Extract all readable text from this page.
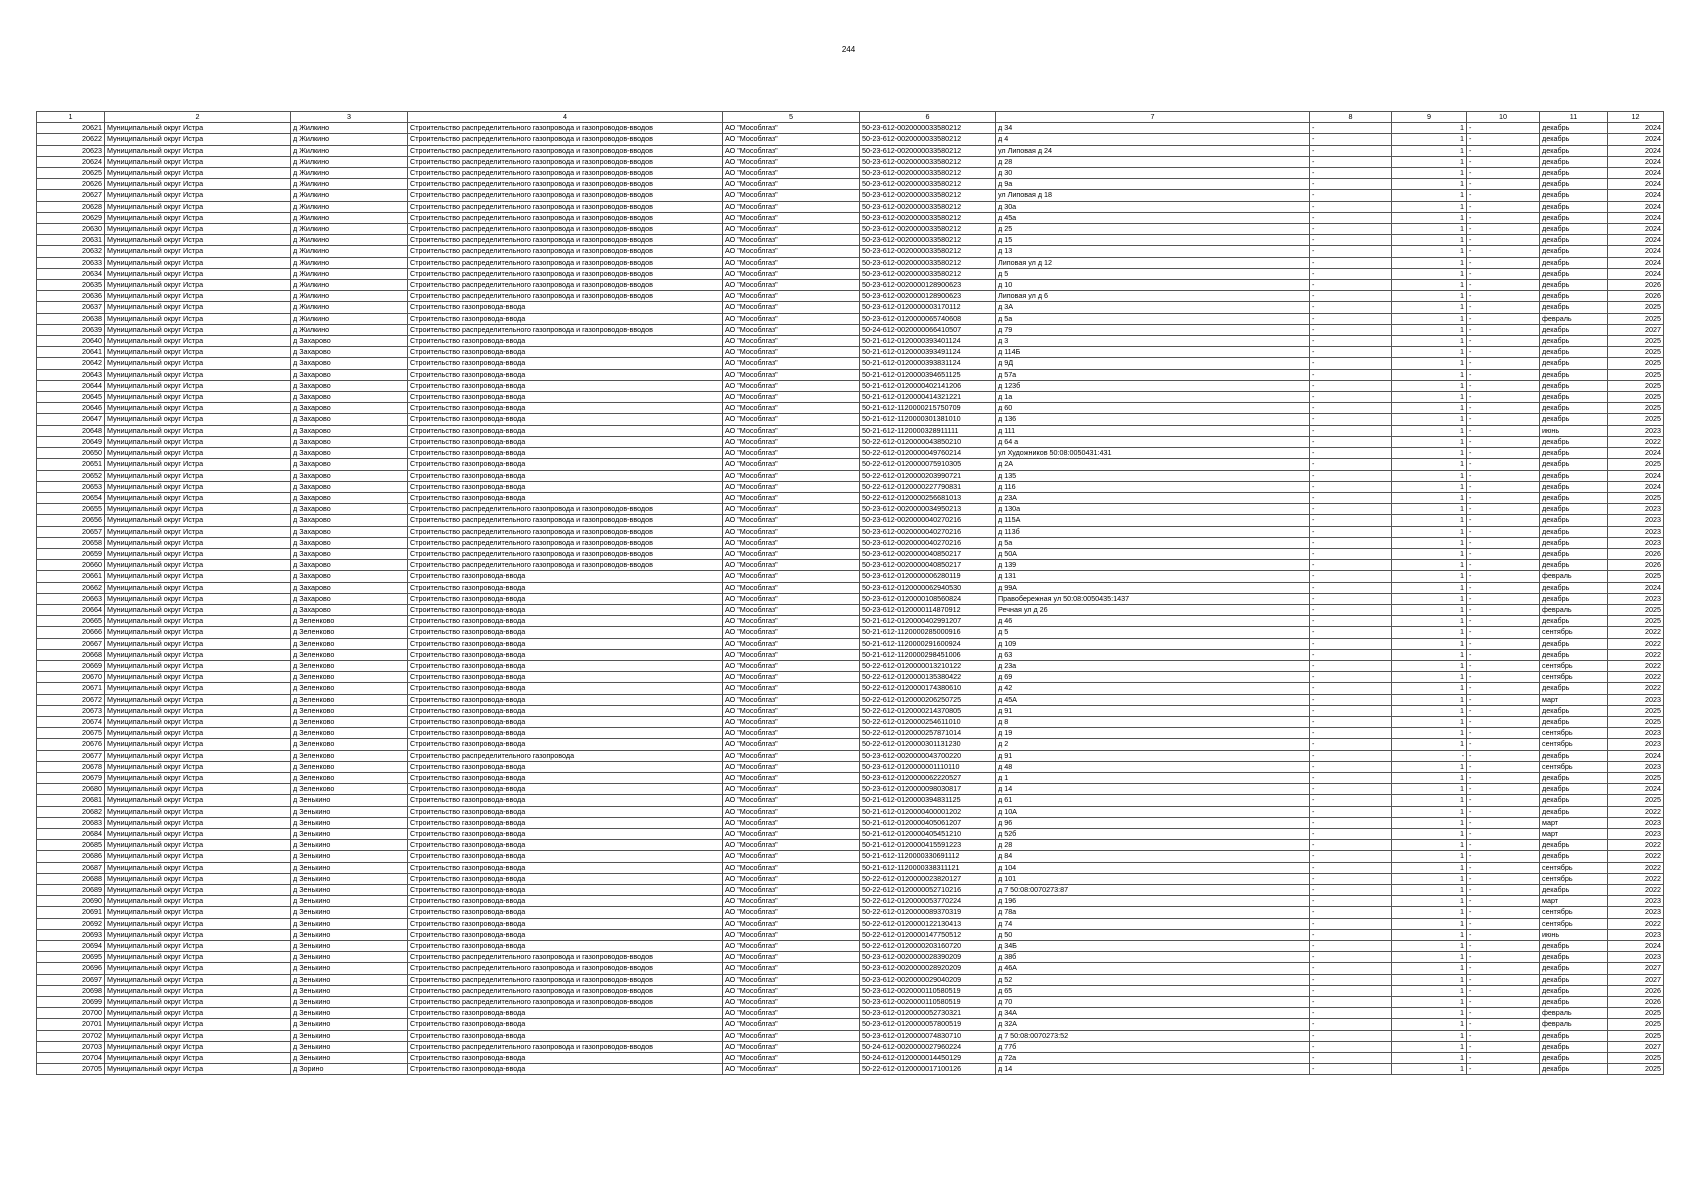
244
1	2	3	4	5	6	7	8	9	10	11	12
20621	Муниципальный округ Истра	д Жилкино	Строительство распределительного газопровода и газопроводов-вводов	АО "Мособлгаз"	50-23-612-0020000033580212	д 34	-	1	-	декабрь	2024
20622	Муниципальный округ Истра	д Жилкино	Строительство распределительного газопровода и газопроводов-вводов	АО "Мособлгаз"	50-23-612-0020000033580212	д 4	-	1	-	декабрь	2024
20623	Муниципальный округ Истра	д Жилкино	Строительство распределительного газопровода и газопроводов-вводов	АО "Мособлгаз"	50-23-612-0020000033580212	ул Липовая д 24	-	1	-	декабрь	2024
20624	Муниципальный округ Истра	д Жилкино	Строительство распределительного газопровода и газопроводов-вводов	АО "Мособлгаз"	50-23-612-0020000033580212	д 28	-	1	-	декабрь	2024
20625	Муниципальный округ Истра	д Жилкино	Строительство распределительного газопровода и газопроводов-вводов	АО "Мособлгаз"	50-23-612-0020000033580212	д 30	-	1	-	декабрь	2024
20626	Муниципальный округ Истра	д Жилкино	Строительство распределительного газопровода и газопроводов-вводов	АО "Мособлгаз"	50-23-612-0020000033580212	д 9а	-	1	-	декабрь	2024
20627	Муниципальный округ Истра	д Жилкино	Строительство распределительного газопровода и газопроводов-вводов	АО "Мособлгаз"	50-23-612-0020000033580212	ул Липовая д 18	-	1	-	декабрь	2024
20628	Муниципальный округ Истра	д Жилкино	Строительство распределительного газопровода и газопроводов-вводов	АО "Мособлгаз"	50-23-612-0020000033580212	д 30а	-	1	-	декабрь	2024
20629	Муниципальный округ Истра	д Жилкино	Строительство распределительного газопровода и газопроводов-вводов	АО "Мособлгаз"	50-23-612-0020000033580212	д 45а	-	1	-	декабрь	2024
20630	Муниципальный округ Истра	д Жилкино	Строительство распределительного газопровода и газопроводов-вводов	АО "Мособлгаз"	50-23-612-0020000033580212	д 25	-	1	-	декабрь	2024
20631	Муниципальный округ Истра	д Жилкино	Строительство распределительного газопровода и газопроводов-вводов	АО "Мособлгаз"	50-23-612-0020000033580212	д 15	-	1	-	декабрь	2024
20632	Муниципальный округ Истра	д Жилкино	Строительство распределительного газопровода и газопроводов-вводов	АО "Мособлгаз"	50-23-612-0020000033580212	д 13	-	1	-	декабрь	2024
20633	Муниципальный округ Истра	д Жилкино	Строительство распределительного газопровода и газопроводов-вводов	АО "Мособлгаз"	50-23-612-0020000033580212	Липовая ул д 12	-	1	-	декабрь	2024
20634	Муниципальный округ Истра	д Жилкино	Строительство распределительного газопровода и газопроводов-вводов	АО "Мособлгаз"	50-23-612-0020000033580212	д 5	-	1	-	декабрь	2024
20635	Муниципальный округ Истра	д Жилкино	Строительство распределительного газопровода и газопроводов-вводов	АО "Мособлгаз"	50-23-612-0020000128900623	д 10	-	1	-	декабрь	2026
20636	Муниципальный округ Истра	д Жилкино	Строительство распределительного газопровода и газопроводов-вводов	АО "Мособлгаз"	50-23-612-0020000128900623	Липовая ул д 6	-	1	-	декабрь	2026
20637	Муниципальный округ Истра	д Жилкино	Строительство газопровода-ввода	АО "Мособлгаз"	50-23-612-0120000003170112	д 3А	-	1	-	декабрь	2025
20638	Муниципальный округ Истра	д Жилкино	Строительство газопровода-ввода	АО "Мособлгаз"	50-23-612-0120000065740608	д 5а	-	1	-	февраль	2025
20639	Муниципальный округ Истра	д Жилкино	Строительство распределительного газопровода и газопроводов-вводов	АО "Мособлгаз"	50-24-612-0020000066410507	д 79	-	1	-	декабрь	2027
20640	Муниципальный округ Истра	д Захарово	Строительство газопровода-ввода	АО "Мособлгаз"	50-21-612-0120000393401124	д 3	-	1	-	декабрь	2025
20641	Муниципальный округ Истра	д Захарово	Строительство газопровода-ввода	АО "Мособлгаз"	50-21-612-0120000393491124	д 114Б	-	1	-	декабрь	2025
20642	Муниципальный округ Истра	д Захарово	Строительство газопровода-ввода	АО "Мособлгаз"	50-21-612-0120000393831124	д 9Д	-	1	-	декабрь	2025
20643	Муниципальный округ Истра	д Захарово	Строительство газопровода-ввода	АО "Мособлгаз"	50-21-612-0120000394651125	д 57а	-	1	-	декабрь	2025
20644	Муниципальный округ Истра	д Захарово	Строительство газопровода-ввода	АО "Мособлгаз"	50-21-612-0120000402141206	д 123б	-	1	-	декабрь	2025
20645	Муниципальный округ Истра	д Захарово	Строительство газопровода-ввода	АО "Мособлгаз"	50-21-612-0120000414321221	д 1а	-	1	-	декабрь	2025
20646	Муниципальный округ Истра	д Захарово	Строительство газопровода-ввода	АО "Мособлгаз"	50-21-612-1120000215750709	д 60	-	1	-	декабрь	2025
20647	Муниципальный округ Истра	д Захарово	Строительство газопровода-ввода	АО "Мособлгаз"	50-21-612-1120000301381010	д 136	-	1	-	декабрь	2025
20648	Муниципальный округ Истра	д Захарово	Строительство газопровода-ввода	АО "Мособлгаз"	50-21-612-1120000328911111	д 111	-	1	-	июнь	2023
20649	Муниципальный округ Истра	д Захарово	Строительство газопровода-ввода	АО "Мособлгаз"	50-22-612-0120000043850210	д 64 а	-	1	-	декабрь	2022
20650	Муниципальный округ Истра	д Захарово	Строительство газопровода-ввода	АО "Мособлгаз"	50-22-612-0120000049760214	ул Художников 50:08:0050431:431	-	1	-	декабрь	2024
20651	Муниципальный округ Истра	д Захарово	Строительство газопровода-ввода	АО "Мособлгаз"	50-22-612-0120000075910305	д 2А	-	1	-	декабрь	2025
20652	Муниципальный округ Истра	д Захарово	Строительство газопровода-ввода	АО "Мособлгаз"	50-22-612-0120000203990721	д 135	-	1	-	декабрь	2024
20653	Муниципальный округ Истра	д Захарово	Строительство газопровода-ввода	АО "Мособлгаз"	50-22-612-0120000227790831	д 116	-	1	-	декабрь	2024
20654	Муниципальный округ Истра	д Захарово	Строительство газопровода-ввода	АО "Мособлгаз"	50-22-612-0120000256681013	д 23А	-	1	-	декабрь	2025
20655	Муниципальный округ Истра	д Захарово	Строительство распределительного газопровода и газопроводов-вводов	АО "Мособлгаз"	50-23-612-0020000034950213	д 130а	-	1	-	декабрь	2023
20656	Муниципальный округ Истра	д Захарово	Строительство распределительного газопровода и газопроводов-вводов	АО "Мособлгаз"	50-23-612-0020000040270216	д 115А	-	1	-	декабрь	2023
20657	Муниципальный округ Истра	д Захарово	Строительство распределительного газопровода и газопроводов-вводов	АО "Мособлгаз"	50-23-612-0020000040270216	д 113б	-	1	-	декабрь	2023
20658	Муниципальный округ Истра	д Захарово	Строительство распределительного газопровода и газопроводов-вводов	АО "Мособлгаз"	50-23-612-0020000040270216	д 5а	-	1	-	декабрь	2023
20659	Муниципальный округ Истра	д Захарово	Строительство распределительного газопровода и газопроводов-вводов	АО "Мособлгаз"	50-23-612-0020000040850217	д 50А	-	1	-	декабрь	2026
20660	Муниципальный округ Истра	д Захарово	Строительство распределительного газопровода и газопроводов-вводов	АО "Мособлгаз"	50-23-612-0020000040850217	д 139	-	1	-	декабрь	2026
20661	Муниципальный округ Истра	д Захарово	Строительство газопровода-ввода	АО "Мособлгаз"	50-23-612-0120000006280119	д 131	-	1	-	февраль	2025
20662	Муниципальный округ Истра	д Захарово	Строительство газопровода-ввода	АО "Мособлгаз"	50-23-612-0120000062940530	д 99А	-	1	-	декабрь	2024
20663	Муниципальный округ Истра	д Захарово	Строительство газопровода-ввода	АО "Мособлгаз"	50-23-612-0120000108560824	Правобережная ул 50:08:0050435:1437	-	1	-	декабрь	2023
20664	Муниципальный округ Истра	д Захарово	Строительство газопровода-ввода	АО "Мособлгаз"	50-23-612-0120000114870912	Речная ул д 26	-	1	-	февраль	2025
20665	Муниципальный округ Истра	д Зеленково	Строительство газопровода-ввода	АО "Мособлгаз"	50-21-612-0120000402991207	д 46	-	1	-	декабрь	2025
20666	Муниципальный округ Истра	д Зеленково	Строительство газопровода-ввода	АО "Мособлгаз"	50-21-612-1120000285000916	д 5	-	1	-	сентябрь	2022
20667	Муниципальный округ Истра	д Зеленково	Строительство газопровода-ввода	АО "Мособлгаз"	50-21-612-1120000291600924	д 109	-	1	-	декабрь	2022
20668	Муниципальный округ Истра	д Зеленково	Строительство газопровода-ввода	АО "Мособлгаз"	50-21-612-1120000298451006	д 63	-	1	-	декабрь	2022
20669	Муниципальный округ Истра	д Зеленково	Строительство газопровода-ввода	АО "Мособлгаз"	50-22-612-0120000013210122	д 23а	-	1	-	сентябрь	2022
20670	Муниципальный округ Истра	д Зеленково	Строительство газопровода-ввода	АО "Мособлгаз"	50-22-612-0120000135380422	д 69	-	1	-	сентябрь	2022
20671	Муниципальный округ Истра	д Зеленково	Строительство газопровода-ввода	АО "Мособлгаз"	50-22-612-0120000174380610	д 42	-	1	-	декабрь	2022
20672	Муниципальный округ Истра	д Зеленково	Строительство газопровода-ввода	АО "Мособлгаз"	50-22-612-0120000206250725	д 45А	-	1	-	март	2023
20673	Муниципальный округ Истра	д Зеленково	Строительство газопровода-ввода	АО "Мособлгаз"	50-22-612-0120000214370805	д 91	-	1	-	декабрь	2025
20674	Муниципальный округ Истра	д Зеленково	Строительство газопровода-ввода	АО "Мособлгаз"	50-22-612-0120000254611010	д 8	-	1	-	декабрь	2025
20675	Муниципальный округ Истра	д Зеленково	Строительство газопровода-ввода	АО "Мособлгаз"	50-22-612-0120000257871014	д 19	-	1	-	сентябрь	2023
20676	Муниципальный округ Истра	д Зеленково	Строительство газопровода-ввода	АО "Мособлгаз"	50-22-612-0120000301131230	д 2	-	1	-	сентябрь	2023
20677	Муниципальный округ Истра	д Зеленково	Строительство распределительного газопровода	АО "Мособлгаз"	50-23-612-0020000043700220	д 91	-	-	-	декабрь	2024
20678	Муниципальный округ Истра	д Зеленково	Строительство газопровода-ввода	АО "Мособлгаз"	50-23-612-0120000001110110	д 48	-	1	-	сентябрь	2023
20679	Муниципальный округ Истра	д Зеленково	Строительство газопровода-ввода	АО "Мособлгаз"	50-23-612-0120000062220527	д 1	-	1	-	декабрь	2025
20680	Муниципальный округ Истра	д Зеленково	Строительство газопровода-ввода	АО "Мособлгаз"	50-23-612-0120000098030817	д 14	-	1	-	декабрь	2024
20681	Муниципальный округ Истра	д Зенькино	Строительство газопровода-ввода	АО "Мособлгаз"	50-21-612-0120000394831125	д 61	-	1	-	декабрь	2025
20682	Муниципальный округ Истра	д Зенькино	Строительство газопровода-ввода	АО "Мособлгаз"	50-21-612-0120000400001202	д 10А	-	1	-	декабрь	2022
20683	Муниципальный округ Истра	д Зенькино	Строительство газопровода-ввода	АО "Мособлгаз"	50-21-612-0120000405061207	д 96	-	1	-	март	2023
20684	Муниципальный округ Истра	д Зенькино	Строительство газопровода-ввода	АО "Мособлгаз"	50-21-612-0120000405451210	д 52б	-	1	-	март	2023
20685	Муниципальный округ Истра	д Зенькино	Строительство газопровода-ввода	АО "Мособлгаз"	50-21-612-0120000415591223	д 28	-	1	-	декабрь	2022
20686	Муниципальный округ Истра	д Зенькино	Строительство газопровода-ввода	АО "Мособлгаз"	50-21-612-1120000330691112	д 84	-	1	-	декабрь	2022
20687	Муниципальный округ Истра	д Зенькино	Строительство газопровода-ввода	АО "Мособлгаз"	50-21-612-1120000338311121	д 104	-	1	-	сентябрь	2022
20688	Муниципальный округ Истра	д Зенькино	Строительство газопровода-ввода	АО "Мособлгаз"	50-22-612-0120000023820127	д 101	-	1	-	сентябрь	2022
20689	Муниципальный округ Истра	д Зенькино	Строительство газопровода-ввода	АО "Мособлгаз"	50-22-612-0120000052710216	д 7 50:08:0070273:87	-	1	-	декабрь	2022
20690	Муниципальный округ Истра	д Зенькино	Строительство газопровода-ввода	АО "Мособлгаз"	50-22-612-0120000053770224	д 196	-	1	-	март	2023
20691	Муниципальный округ Истра	д Зенькино	Строительство газопровода-ввода	АО "Мособлгаз"	50-22-612-0120000089370319	д 78а	-	1	-	сентябрь	2023
20692	Муниципальный округ Истра	д Зенькино	Строительство газопровода-ввода	АО "Мособлгаз"	50-22-612-0120000122130413	д 74	-	1	-	сентябрь	2022
20693	Муниципальный округ Истра	д Зенькино	Строительство газопровода-ввода	АО "Мособлгаз"	50-22-612-0120000147750512	д 50	-	1	-	июнь	2023
20694	Муниципальный округ Истра	д Зенькино	Строительство газопровода-ввода	АО "Мособлгаз"	50-22-612-0120000203160720	д 34Б	-	1	-	декабрь	2024
20695	Муниципальный округ Истра	д Зенькино	Строительство распределительного газопровода и газопроводов-вводов	АО "Мособлгаз"	50-23-612-0020000028390209	д 38б	-	1	-	декабрь	2023
20696	Муниципальный округ Истра	д Зенькино	Строительство распределительного газопровода и газопроводов-вводов	АО "Мособлгаз"	50-23-612-0020000028920209	д 46А	-	1	-	декабрь	2027
20697	Муниципальный округ Истра	д Зенькино	Строительство распределительного газопровода и газопроводов-вводов	АО "Мособлгаз"	50-23-612-0020000029040209	д 52	-	1	-	декабрь	2027
20698	Муниципальный округ Истра	д Зенькино	Строительство распределительного газопровода и газопроводов-вводов	АО "Мособлгаз"	50-23-612-0020000110580519	д 65	-	1	-	декабрь	2026
20699	Муниципальный округ Истра	д Зенькино	Строительство распределительного газопровода и газопроводов-вводов	АО "Мособлгаз"	50-23-612-0020000110580519	д 70	-	1	-	декабрь	2026
20700	Муниципальный округ Истра	д Зенькино	Строительство газопровода-ввода	АО "Мособлгаз"	50-23-612-0120000052730321	д 34А	-	1	-	февраль	2025
20701	Муниципальный округ Истра	д Зенькино	Строительство газопровода-ввода	АО "Мособлгаз"	50-23-612-0120000057800519	д 32А	-	1	-	февраль	2025
20702	Муниципальный округ Истра	д Зенькино	Строительство газопровода-ввода	АО "Мособлгаз"	50-23-612-0120000074830710	д 7 50:08:0070273:52	-	1	-	декабрь	2025
20703	Муниципальный округ Истра	д Зенькино	Строительство распределительного газопровода и газопроводов-вводов	АО "Мособлгаз"	50-24-612-0020000027960224	д 77б	-	1	-	декабрь	2027
20704	Муниципальный округ Истра	д Зенькино	Строительство газопровода-ввода	АО "Мособлгаз"	50-24-612-0120000014450129	д 72а	-	1	-	декабрь	2025
20705	Муниципальный округ Истра	д Зорино	Строительство газопровода-ввода	АО "Мособлгаз"	50-22-612-0120000017100126	д 14	-	1	-	декабрь	2025
